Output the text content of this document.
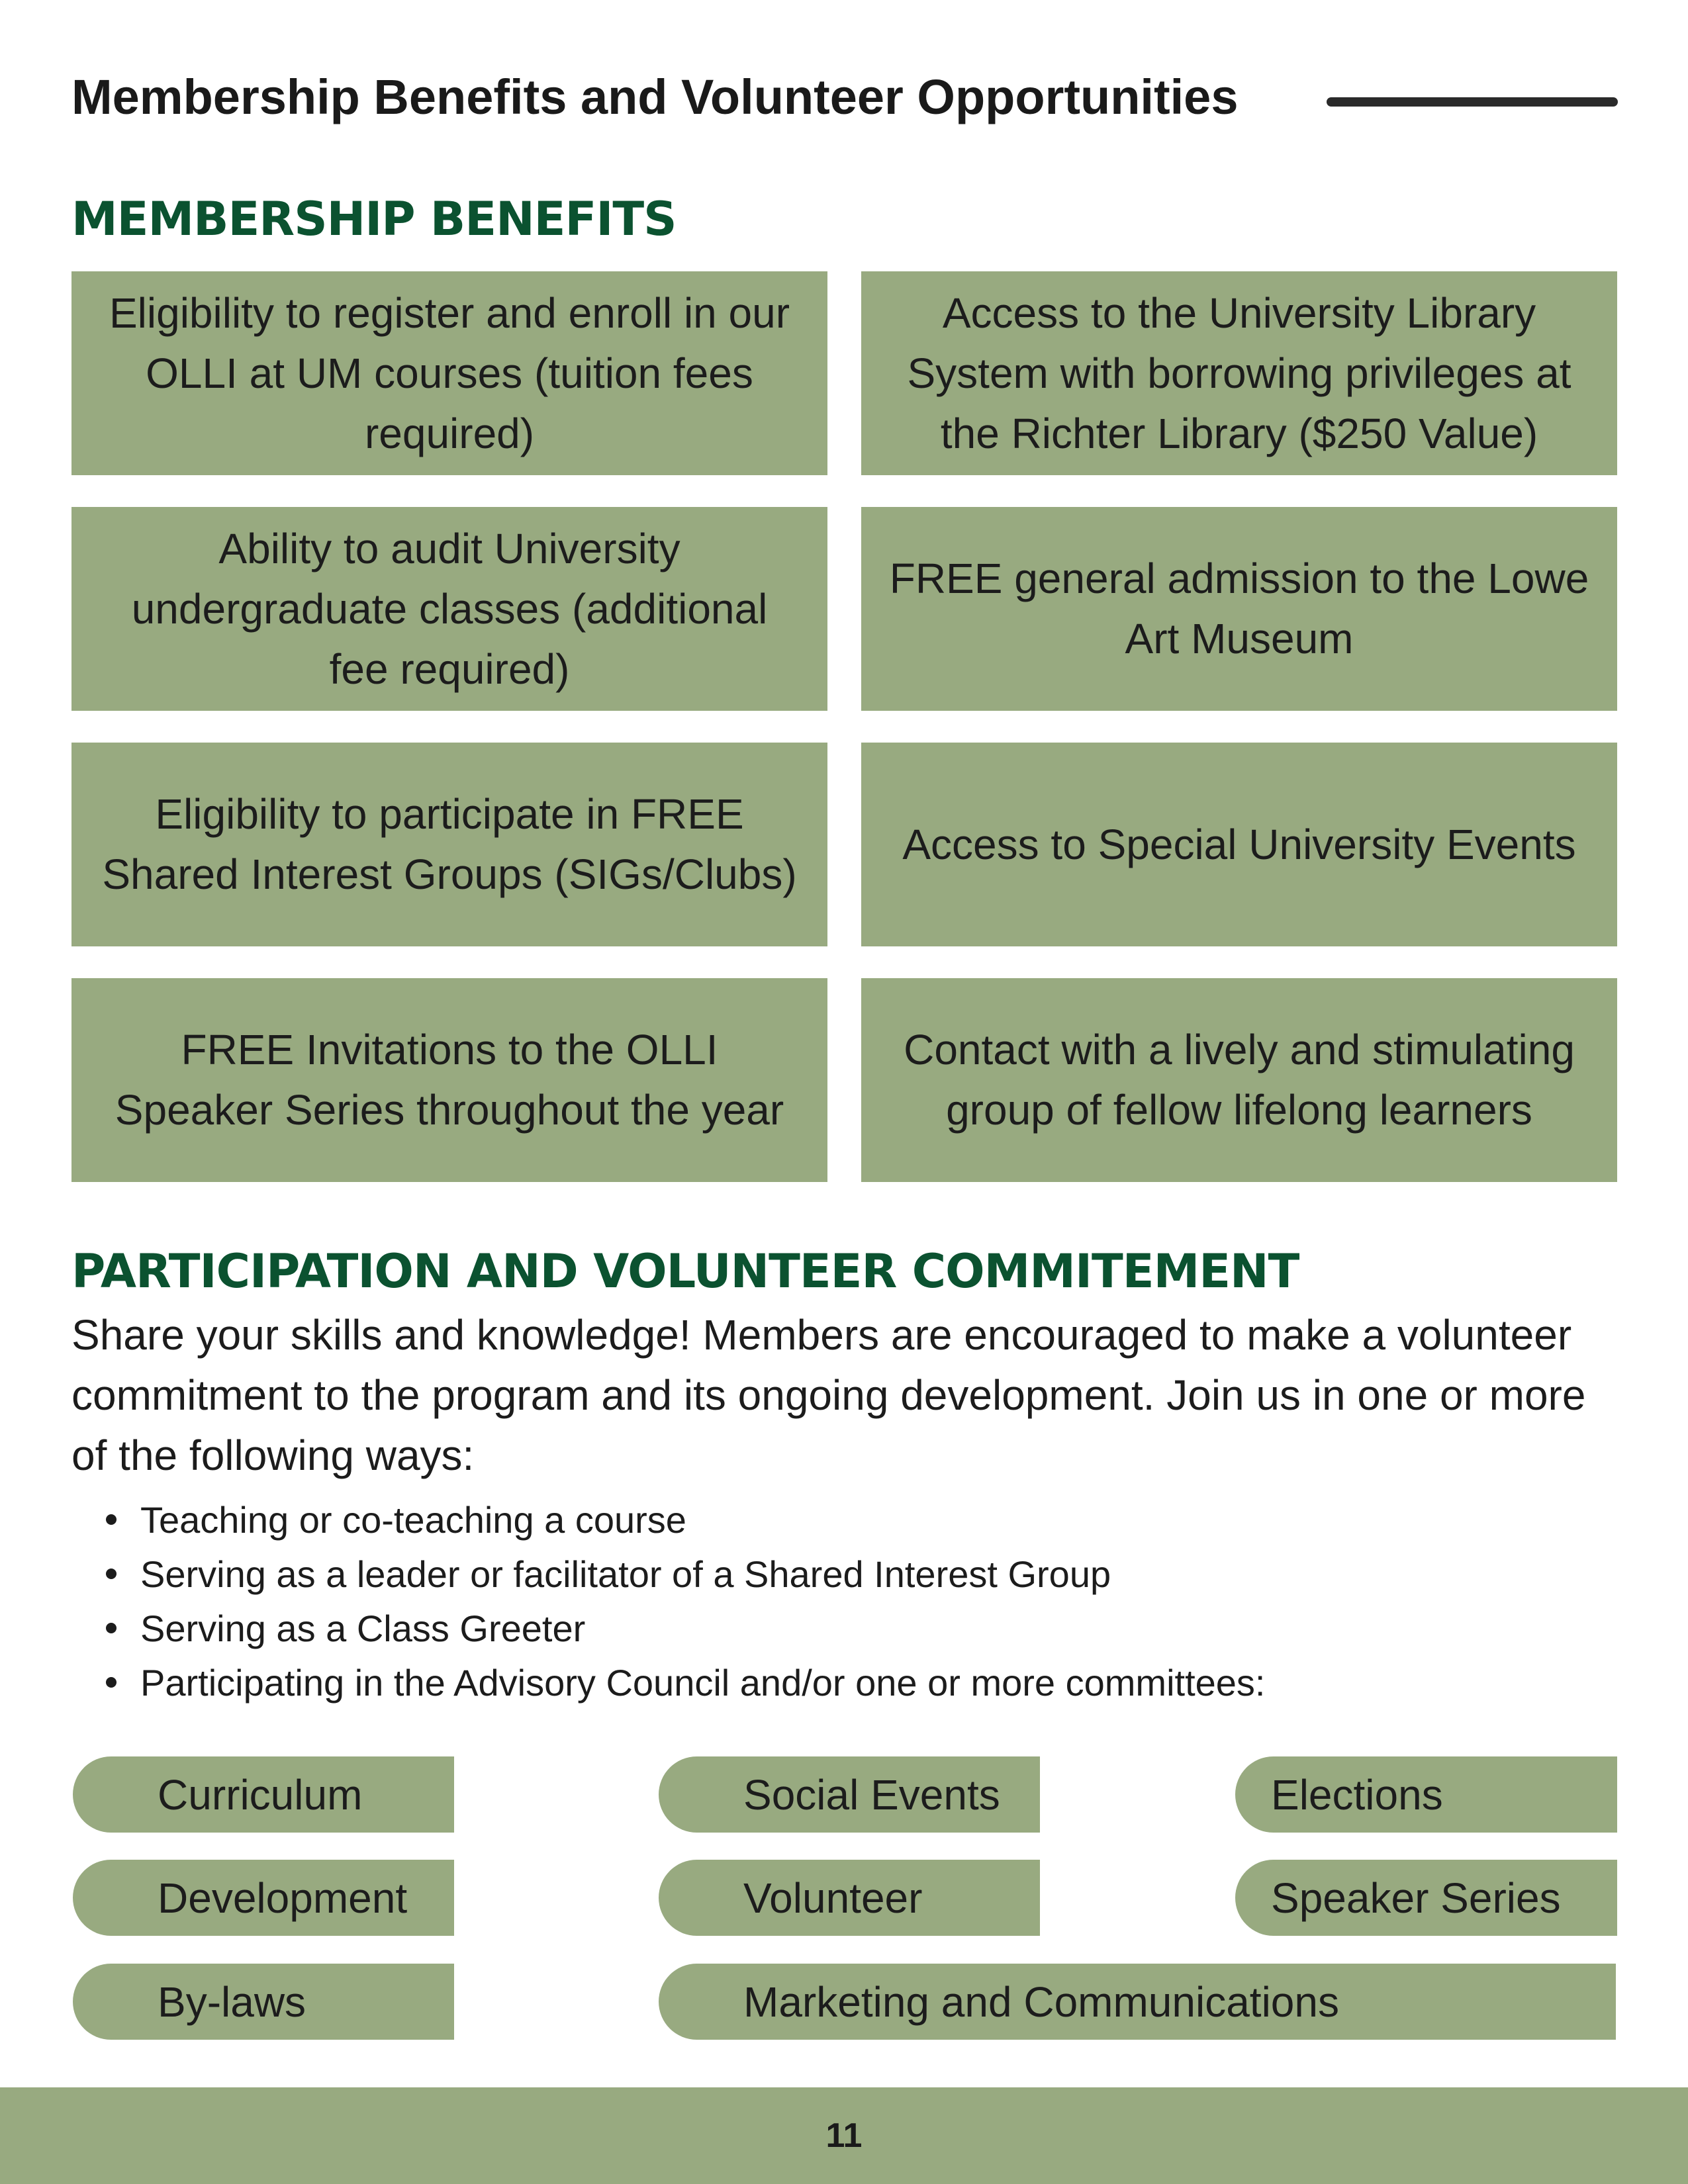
Membership Benefits and Volunteer Opportunities
MEMBERSHIP BENEFITS
Eligibility to register and enroll in our OLLI at UM courses (tuition fees required)
Access to the University Library System with borrowing privileges at the Richter Library ($250 Value)
Ability to audit University undergraduate classes (additional fee required)
FREE general admission to the Lowe Art Museum
Eligibility to participate in FREE Shared Interest Groups (SIGs/Clubs)
Access to Special University Events
FREE Invitations to the OLLI Speaker Series throughout the year
Contact with a lively and stimulating group of fellow lifelong learners
PARTICIPATION AND VOLUNTEER COMMITEMENT

Share your skills and knowledge! Members are encouraged to make a volunteer commitment to the program and its ongoing development. Join us in one or more of the following ways:

Teaching or co-teaching a course
Serving as a leader or facilitator of a Shared Interest Group
Serving as a Class Greeter
Participating in the Advisory Council and/or one or more committees:
Curriculum	Social Events	Elections
Development	Volunteer	Speaker Series
By-laws	Marketing and Communications
11
